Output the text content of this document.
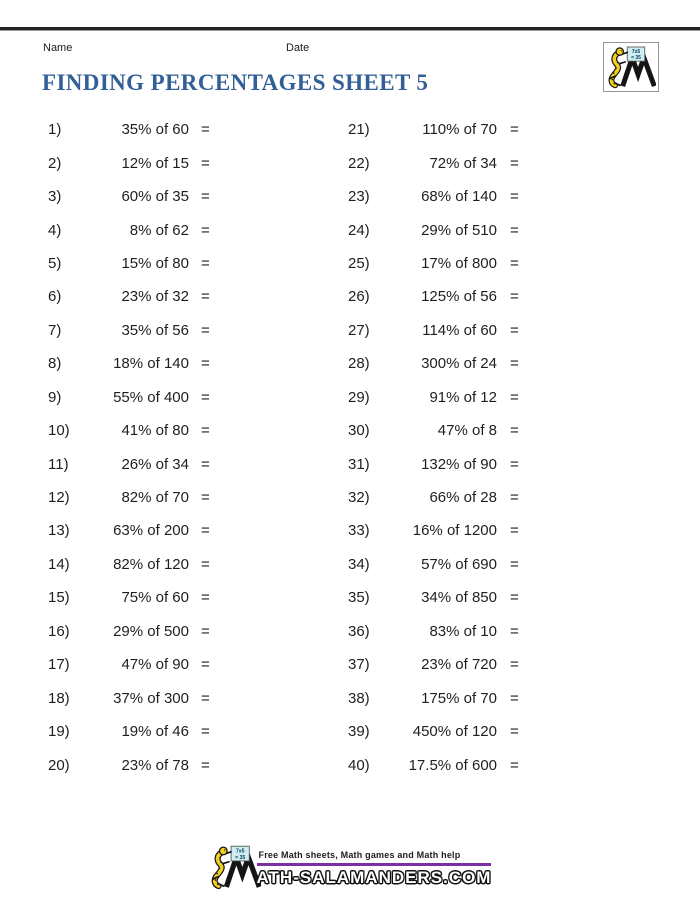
Name	Date
FINDING PERCENTAGES SHEET 5
1)	35% of 60 =
2)	12% of 15 =
3)	60% of 35 =
4)	8% of 62 =
5)	15% of 80 =
6)	23% of 32 =
7)	35% of 56 =
8)	18% of 140 =
9)	55% of 400 =
10)	41% of 80 =
11)	26% of 34 =
12)	82% of 70 =
13)	63% of 200 =
14)	82% of 120 =
15)	75% of 60 =
16)	29% of 500 =
17)	47% of 90 =
18)	37% of 300 =
19)	19% of 46 =
20)	23% of 78 =
21)	110% of 70 =
22)	72% of 34 =
23)	68% of 140 =
24)	29% of 510 =
25)	17% of 800 =
26)	125% of 56 =
27)	114% of 60 =
28)	300% of 24 =
29)	91% of 12 =
30)	47% of 8 =
31)	132% of 90 =
32)	66% of 28 =
33)	16% of 1200 =
34)	57% of 690 =
35)	34% of 850 =
36)	83% of 10 =
37)	23% of 720 =
38)	175% of 70 =
39)	450% of 120 =
40)	17.5% of 600 =
Free Math sheets, Math games and Math help
ATH-SALAMANDERS.COM
